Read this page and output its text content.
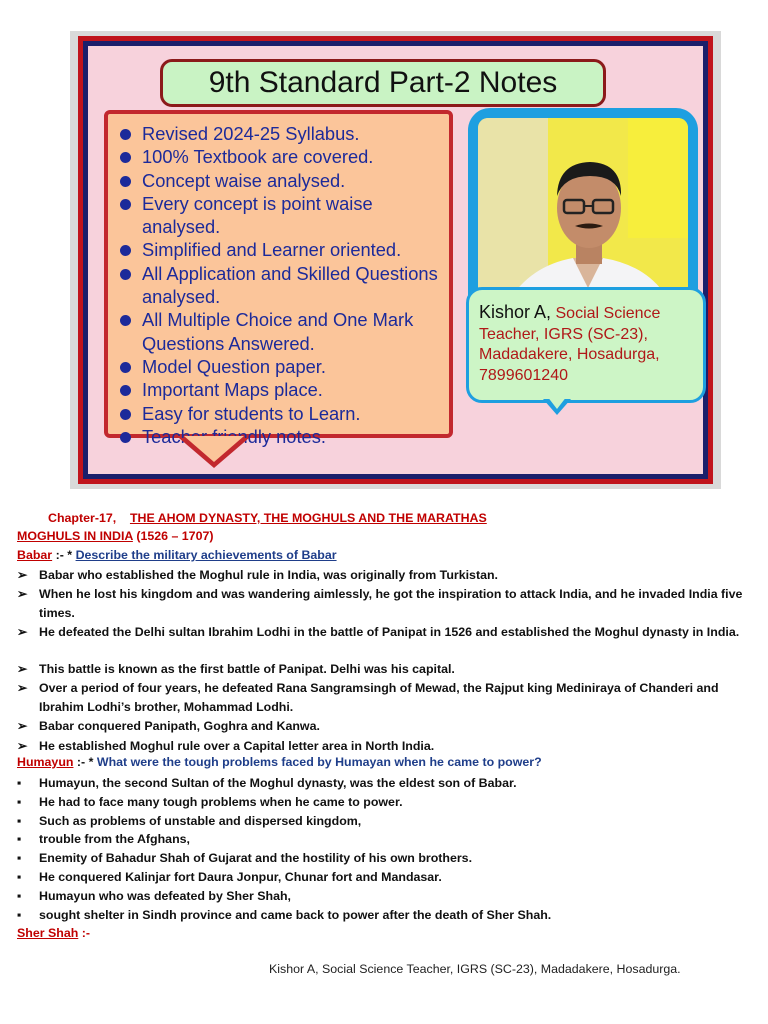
9th Standard Part-2 Notes
Revised 2024-25 Syllabus.
100% Textbook are covered.
Concept waise analysed.
Every concept is point waise analysed.
Simplified and Learner oriented.
All Application and Skilled Questions analysed.
All Multiple Choice and One Mark Questions Answered.
Model Question paper.
Important Maps place.
Easy for students to Learn.
Teacher friendly notes.
Kishor A, Social Science Teacher, IGRS (SC-23), Madadakere, Hosadurga,
7899601240
Chapter-17, THE AHOM DYNASTY, THE MOGHULS AND THE MARATHAS
MOGHULS IN INDIA (1526 – 1707)
Babar :- * Describe the military achievements of Babar
➢ Babar who established the Moghul rule in India, was originally from Turkistan.
➢ When he lost his kingdom and was wandering aimlessly, he got the inspiration to attack India, and he invaded India five times.
➢ He defeated the Delhi sultan Ibrahim Lodhi in the battle of Panipat in 1526 and established the Moghul dynasty in India.
➢ This battle is known as the first battle of Panipat. Delhi was his capital.
➢ Over a period of four years, he defeated Rana Sangramsingh of Mewad, the Rajput king Mediniraya of Chanderi and Ibrahim Lodhi’s brother, Mohammad Lodhi.
➢ Babar conquered Panipath, Goghra and Kanwa.
➢ He established Moghul rule over a Capital letter area in North India.
Humayun :- * What were the tough problems faced by Humayan when he came to power?
▪	Humayun, the second Sultan of the Moghul dynasty, was the eldest son of Babar.
▪	He had to face many tough problems when he came to power.
▪	Such as problems of unstable and dispersed kingdom,
▪	trouble from the Afghans,
▪	Enemity of Bahadur Shah of Gujarat and the hostility of his own brothers.
▪	He conquered Kalinjar fort Daura Jonpur, Chunar fort and Mandasar.
▪	Humayun who was defeated by Sher Shah,
▪	sought shelter in Sindh province and came back to power after the death of Sher Shah.
Sher Shah :-
Kishor A, Social Science Teacher, IGRS (SC-23), Madadakere, Hosadurga.
